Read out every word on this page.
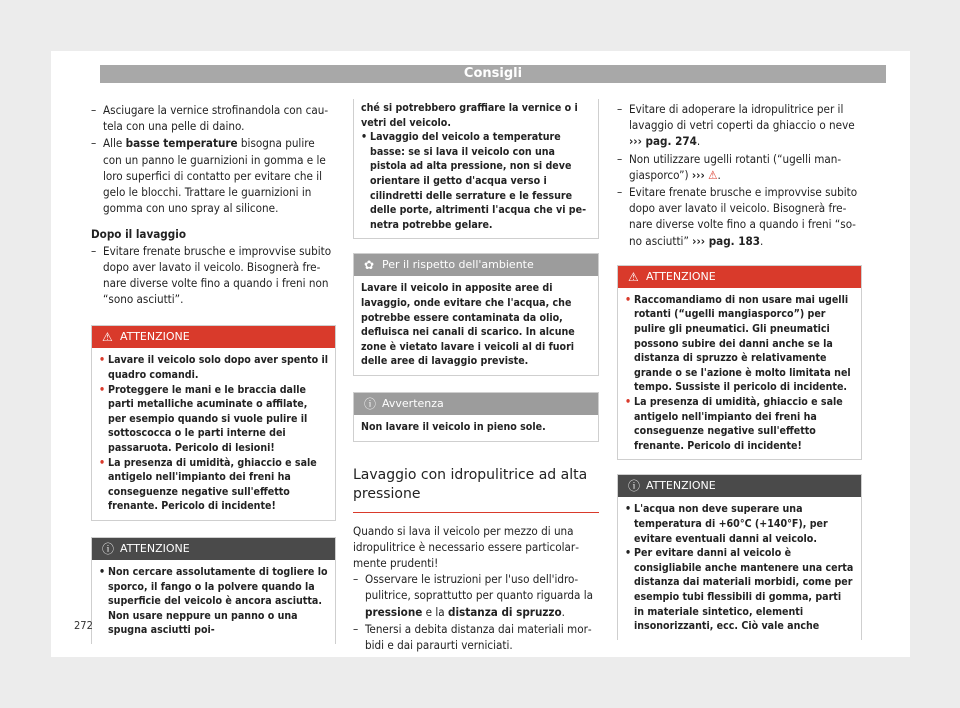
Consigli
– Asciugare la vernice strofinandola con cautela con una pelle di daino.
– Alle basse temperature bisogna pulire con un panno le guarnizioni in gomma e le loro superfici di contatto per evitare che il gelo le blocchi. Trattare le guarnizioni in gomma con uno spray al silicone.
Dopo il lavaggio
– Evitare frenate brusche e improvvise subito dopo aver lavato il veicolo. Bisognerà frenare diverse volte fino a quando i freni non “sono asciutti”.
⚠ ATTENZIONE
• Lavare il veicolo solo dopo aver spento il quadro comandi.
• Proteggere le mani e le braccia dalle parti metalliche acuminate o affilate, per esempio quando si vuole pulire il sottoscocca o le parti interne dei passaruota. Pericolo di lesioni!
• La presenza di umidità, ghiaccio e sale antigelo nell'impianto dei freni ha conseguenze negative sull'effetto frenante. Pericolo di incidente!
ⓘ ATTENZIONE
• Non cercare assolutamente di togliere lo sporco, il fango o la polvere quando la superficie del veicolo è ancora asciutta. Non usare neppure un panno o una spugna asciutti poi-
ché si potrebbero graffiare la vernice o i vetri del veicolo.
• Lavaggio del veicolo a temperature basse: se si lava il veicolo con una pistola ad alta pressione, non si deve orientare il getto d'acqua verso i cilindretti delle serrature e le fessure delle porte, altrimenti l'acqua che vi penetra potrebbe gelare.
✿ Per il rispetto dell'ambiente
Lavare il veicolo in apposite aree di lavaggio, onde evitare che l'acqua, che potrebbe essere contaminata da olio, defluisca nei canali di scarico. In alcune zone è vietato lavare i veicoli al di fuori delle aree di lavaggio previste.
ⓘ Avvertenza
Non lavare il veicolo in pieno sole.
Lavaggio con idropulitrice ad alta pressione
Quando si lava il veicolo per mezzo di una idropulitrice è necessario essere particolarmente prudenti!
– Osservare le istruzioni per l'uso dell'idropulitrice, soprattutto per quanto riguarda la pressione e la distanza di spruzzo.
– Tenersi a debita distanza dai materiali morbidi e dai paraurti verniciati.
– Evitare di adoperare la idropulitrice per il lavaggio di vetri coperti da ghiaccio o neve ››› pag. 274.
– Non utilizzare ugelli rotanti (“ugelli mangiasporco”) ››› ⚠.
– Evitare frenate brusche e improvvise subito dopo aver lavato il veicolo. Bisognerà frenare diverse volte fino a quando i freni “sono asciutti” ››› pag. 183.
⚠ ATTENZIONE
• Raccomandiamo di non usare mai ugelli rotanti (“ugelli mangiasporco”) per pulire gli pneumatici. Gli pneumatici possono subire dei danni anche se la distanza di spruzzo è relativamente grande o se l'azione è molto limitata nel tempo. Sussiste il pericolo di incidente.
• La presenza di umidità, ghiaccio e sale antigelo nell'impianto dei freni ha conseguenze negative sull'effetto frenante. Pericolo di incidente!
ⓘ ATTENZIONE
• L'acqua non deve superare una temperatura di +60°C (+140°F), per evitare eventuali danni al veicolo.
• Per evitare danni al veicolo è consigliabile anche mantenere una certa distanza dai materiali morbidi, come per esempio tubi flessibili di gomma, parti in materiale sintetico, elementi insonorizzanti, ecc. Ciò vale anche
272
